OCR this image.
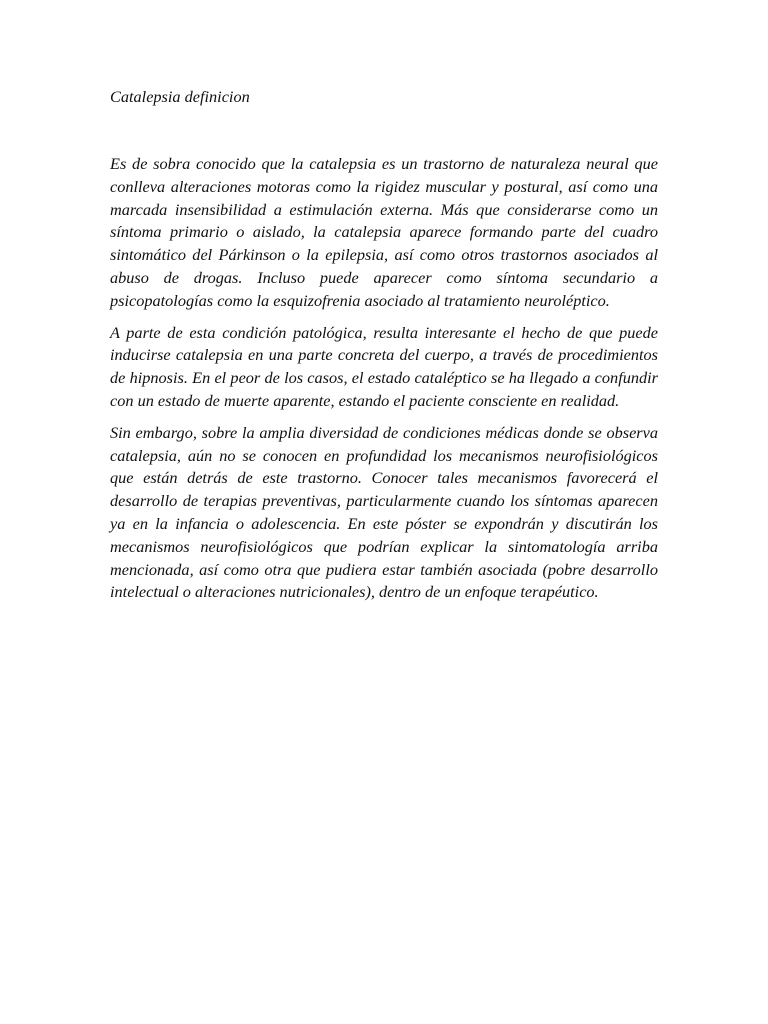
Catalepsia definicion

Es de sobra conocido que la catalepsia es un trastorno de naturaleza neural que conlleva alteraciones motoras como la rigidez muscular y postural, así como una marcada insensibilidad a estimulación externa. Más que considerarse como un síntoma primario o aislado, la catalepsia aparece formando parte del cuadro sintomático del Párkinson o la epilepsia, así como otros trastornos asociados al abuso de drogas. Incluso puede aparecer como síntoma secundario a psicopatologías como la esquizofrenia asociado al tratamiento neuroléptico.

A parte de esta condición patológica, resulta interesante el hecho de que puede inducirse catalepsia en una parte concreta del cuerpo, a través de procedimientos de hipnosis. En el peor de los casos, el estado cataléptico se ha llegado a confundir con un estado de muerte aparente, estando el paciente consciente en realidad.

Sin embargo, sobre la amplia diversidad de condiciones médicas donde se observa catalepsia, aún no se conocen en profundidad los mecanismos neurofisiológicos que están detrás de este trastorno. Conocer tales mecanismos favorecerá el desarrollo de terapias preventivas, particularmente cuando los síntomas aparecen ya en la infancia o adolescencia. En este póster se expondrán y discutirán los mecanismos neurofisiológicos que podrían explicar la sintomatología arriba mencionada, así como otra que pudiera estar también asociada (pobre desarrollo intelectual o alteraciones nutricionales), dentro de un enfoque terapéutico.
